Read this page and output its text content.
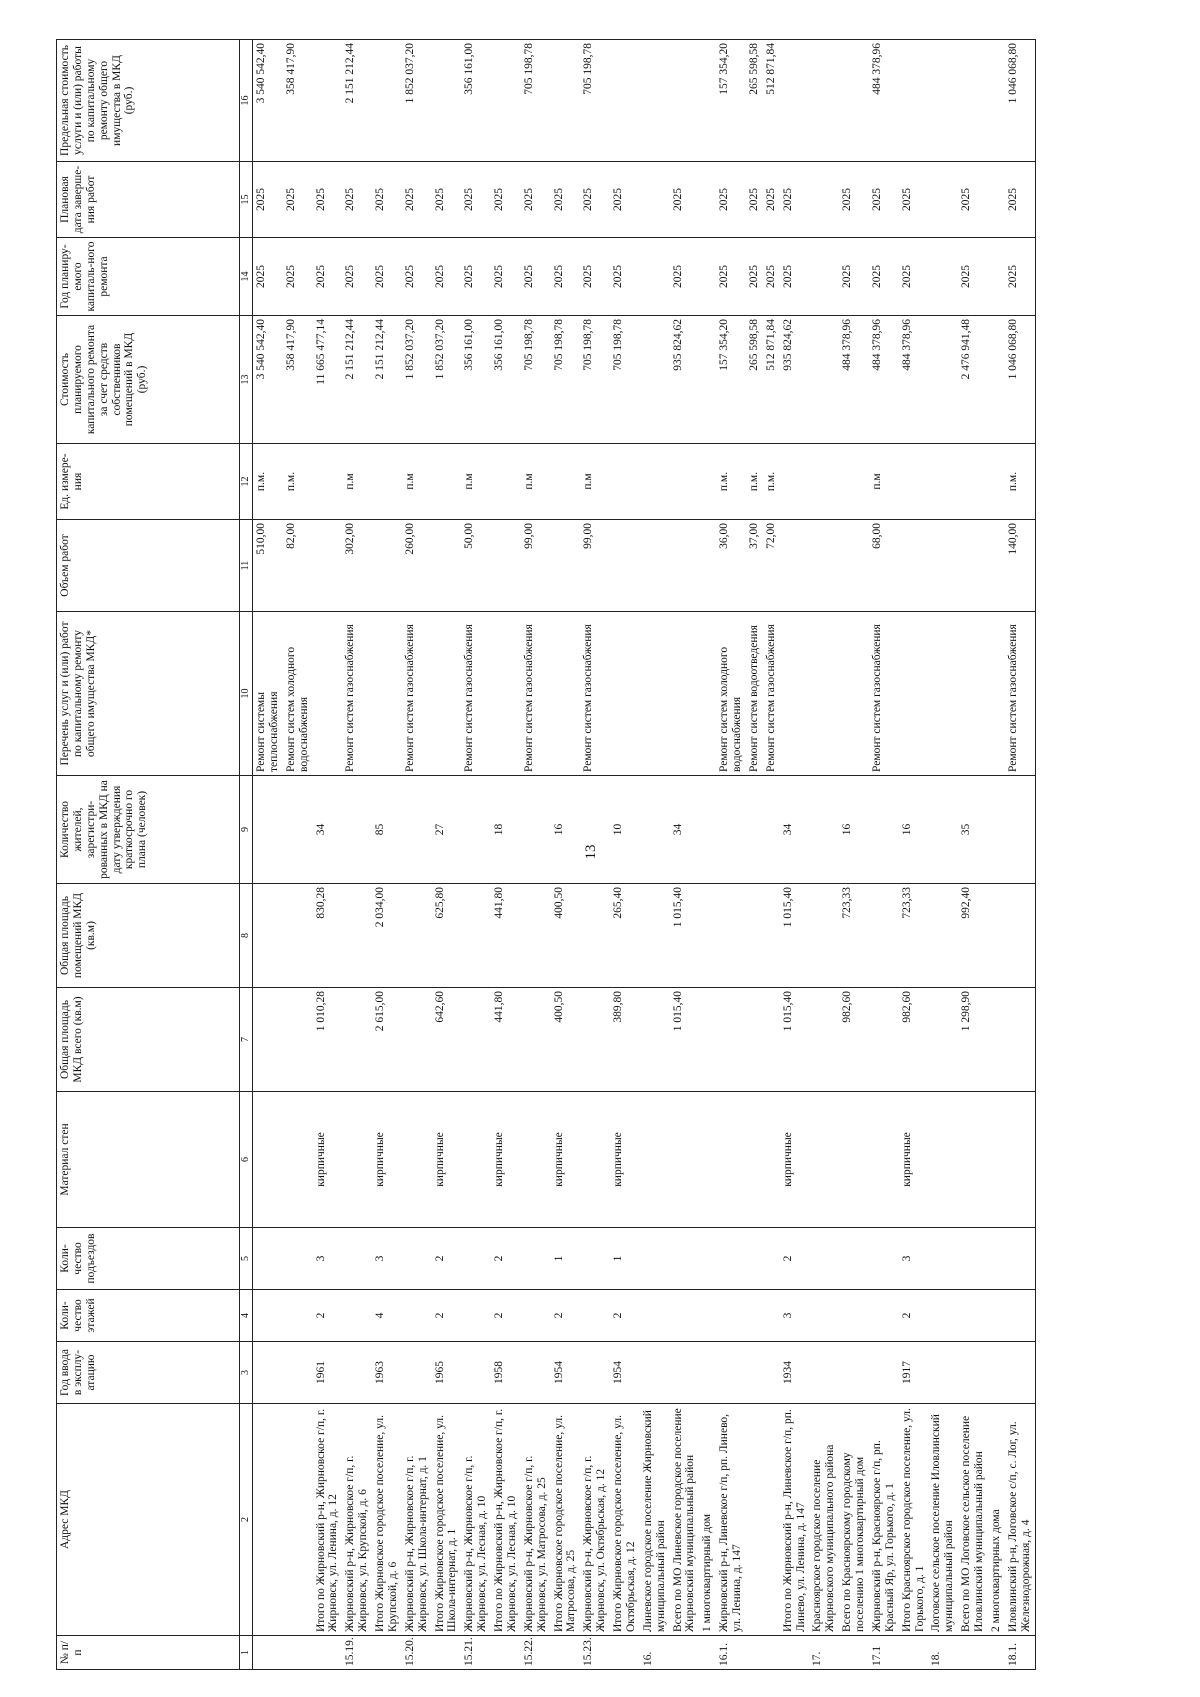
13
№ п/п	Адрес МКД	Год ввода в эксплу-атацию	Коли-чество этажей	Коли-чество подъездов	Материал стен	Общая площадь МКД всего (кв.м)	Общая площадь помещений МКД (кв.м)	Количество жителей, зарегистри-рованных в МКД на дату утверждения краткосрочно го плана (человек)	Перечень услуг и (или) работ по капитальному ремонту общего имущества МКД*	Объем работ	Ед. измере-ния	Стоимость планируемого капитального ремонта за счет средств собственников помещений в МКД (руб.)	Год планиру-емого капиталь-ного ремонта	Плановая дата заверше-ния работ	Предельная стоимость услуги и (или) работы по капитальному ремонту общего имущества в МКД (руб.)
1	2	3	4	5	6	7	8	9	10	11	12	13	14	15	16
									Ремонт системы теплоснабжения	510,00	п.м.	3 540 542,40	2025	2025	3 540 542,40
									Ремонт систем холодного водоснабжения	82,00	п.м.	358 417,90	2025	2025	358 417,90
	Итого по Жирновский р-н, Жирновское г/п, г. Жирновск, ул. Ленина, д. 12	1961	2	3	кирпичные	1 010,28	830,28	34				11 665 477,14	2025	2025	
15.19.	Жирновский р-н, Жирновское г/п, г. Жирновск, ул. Крупской, д. 6								Ремонт систем газоснабжения	302,00	п.м	2 151 212,44	2025	2025	2 151 212,44
	Итого Жирновское городское поселение, ул. Крупской, д. 6	1963	4	3	кирпичные	2 615,00	2 034,00	85				2 151 212,44	2025	2025	
15.20.	Жирновский р-н, Жирновское г/п, г. Жирновск, ул. Школа-интернат, д. 1								Ремонт систем газоснабжения	260,00	п.м	1 852 037,20	2025	2025	1 852 037,20
	Итого Жирновское городское поселение, ул. Школа-интернат, д. 1	1965	2	2	кирпичные	642,60	625,80	27				1 852 037,20	2025	2025	
15.21.	Жирновский р-н, Жирновское г/п, г. Жирновск, ул. Лесная, д. 10								Ремонт систем газоснабжения	50,00	п.м	356 161,00	2025	2025	356 161,00
	Итого по Жирновский р-н, Жирновское г/п, г. Жирновск, ул. Лесная, д. 10	1958	2	2	кирпичные	441,80	441,80	18				356 161,00	2025	2025	
15.22.	Жирновский р-н, Жирновское г/п, г. Жирновск, ул. Матросова, д. 25								Ремонт систем газоснабжения	99,00	п.м	705 198,78	2025	2025	705 198,78
	Итого Жирновское городское поселение, ул. Матросова, д. 25	1954	2	1	кирпичные	400,50	400,50	16				705 198,78	2025	2025	
15.23.	Жирновский р-н, Жирновское г/п, г. Жирновск, ул. Октябрьская, д. 12								Ремонт систем газоснабжения	99,00	п.м	705 198,78	2025	2025	705 198,78
	Итого Жирновское городское поселение, ул. Октябрьская, д. 12	1954	2	1	кирпичные	389,80	265,40	10				705 198,78	2025	2025	
16.	Линевское городское поселение Жирновский муниципальный район														
	Всего по МО Линевское городское поселение Жирновский муниципальный район					1 015,40	1 015,40	34				935 824,62	2025	2025	
	1 многоквартирный дом														
16.1.	Жирновский р-н, Линевское г/п, рп. Линево, ул. Ленина, д. 147								Ремонт систем холодного водоснабжения	36,00	п.м.	157 354,20	2025	2025	157 354,20
									Ремонт систем водоотведения	37,00	п.м.	265 598,58	2025	2025	265 598,58
									Ремонт систем газоснабжения	72,00	п.м.	512 871,84	2025	2025	512 871,84
	Итого по Жирновский р-н, Линевское г/п, рп. Линево, ул. Ленина, д. 147	1934	3	2	кирпичные	1 015,40	1 015,40	34				935 824,62	2025	2025	
17.	Красноярское городское поселение Жирновского муниципального района														
	Всего по Красноярскому городскому поселению 1 многоквартирный дом					982,60	723,33	16				484 378,96	2025	2025	
17.1	Жирновский р-н, Красноярское г/п, рп. Красный Яр, ул. Горького, д. 1								Ремонт систем газоснабжения	68,00	п.м	484 378,96	2025	2025	484 378,96
	Итого Красноярское городское поселение, ул. Горького, д. 1	1917	2	3	кирпичные	982,60	723,33	16				484 378,96	2025	2025	
18.	Логовское сельское поселение Иловлинский муниципальный район														
	Всего по МО Логовское сельское поселение Иловлинский муниципальный район					1 298,90	992,40	35				2 476 941,48	2025	2025	
	2 многоквартирных дома														
18.1.	Иловлинский р-н, Логовское с/п, с. Лог, ул. Железнодорожная, д. 4								Ремонт систем газоснабжения	140,00	п.м.	1 046 068,80	2025	2025	1 046 068,80
